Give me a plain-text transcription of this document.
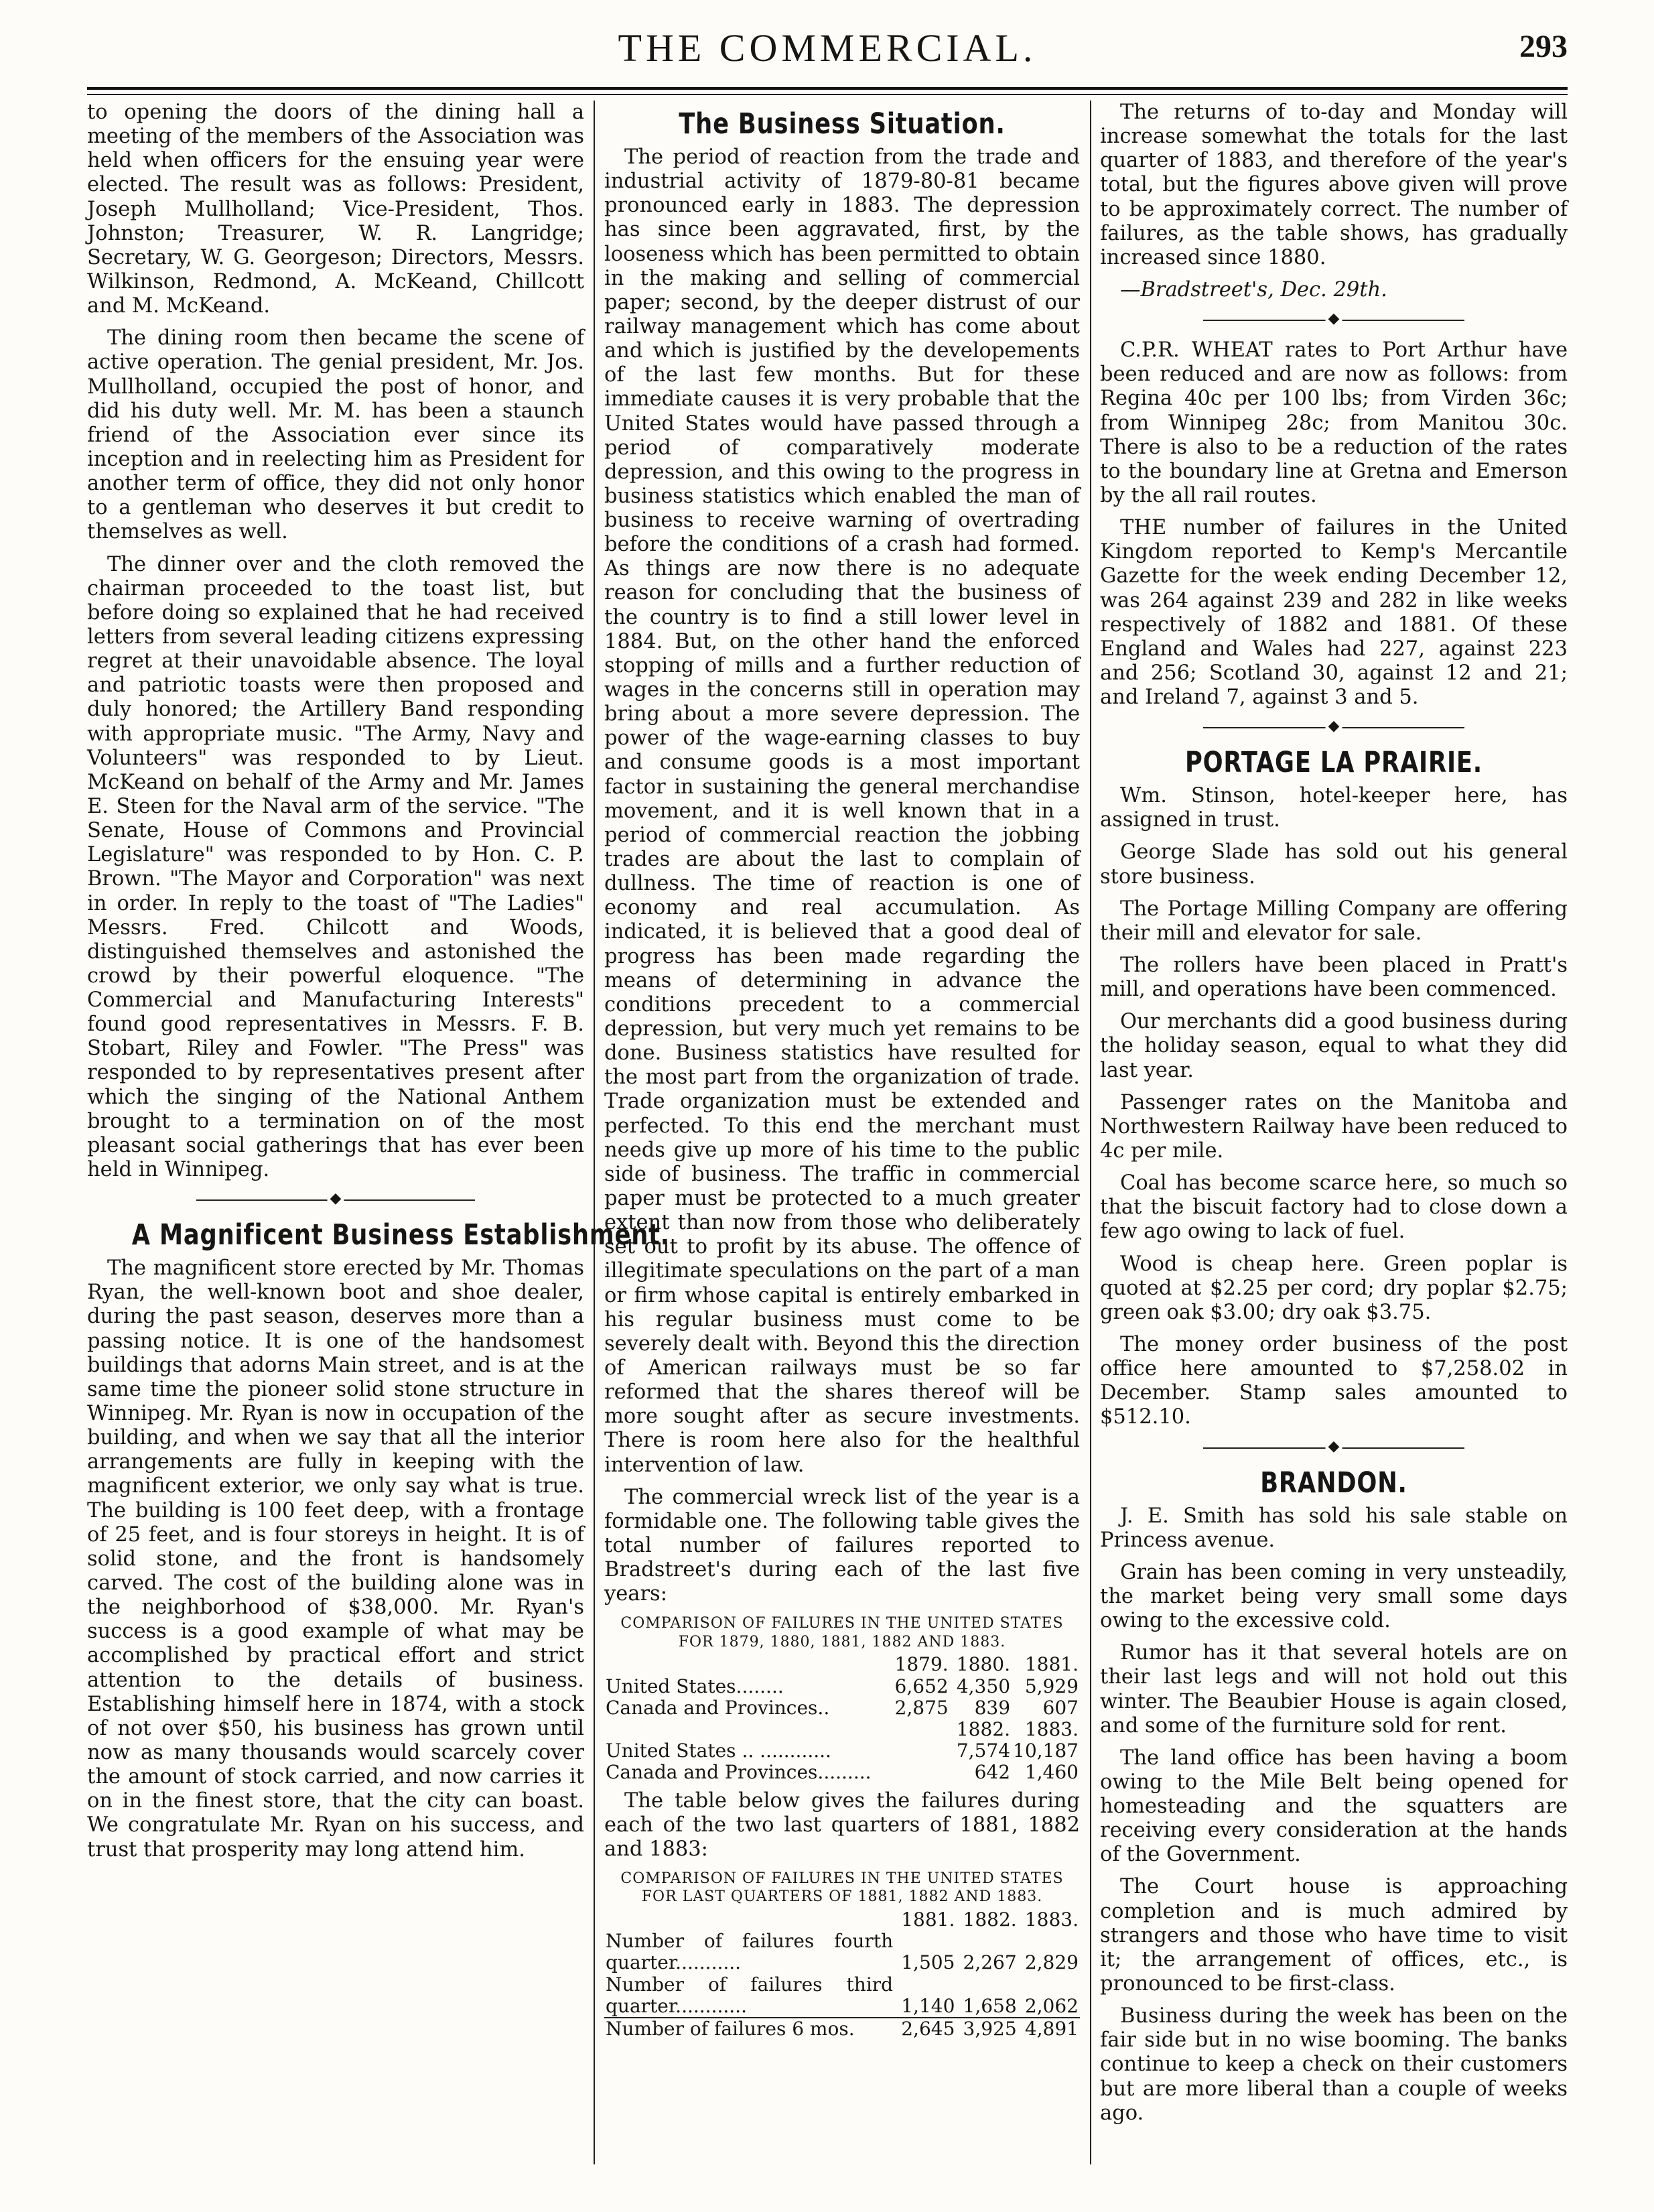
THE COMMERCIAL.	293

to opening the doors of the dining hall a meeting of the members of the Association was held when officers for the ensuing year were elected. The result was as follows: President, Joseph Mullholland; Vice-President, Thos. Johnston; Treasurer, W. R. Langridge; Secretary, W. G. Georgeson; Directors, Messrs. Wilkinson, Redmond, A. McKeand, Chillcott and M. McKeand.

The dining room then became the scene of active operation. The genial president, Mr. Jos. Mullholland, occupied the post of honor, and did his duty well. Mr. M. has been a staunch friend of the Association ever since its inception and in reelecting him as President for another term of office, they did not only honor to a gentleman who deserves it but credit to themselves as well.

The dinner over and the cloth removed the chairman proceeded to the toast list, but before doing so explained that he had received letters from several leading citizens expressing regret at their unavoidable absence. The loyal and patriotic toasts were then proposed and duly honored; the Artillery Band responding with appropriate music. "The Army, Navy and Volunteers" was responded to by Lieut. McKeand on behalf of the Army and Mr. James E. Steen for the Naval arm of the service. "The Senate, House of Commons and Provincial Legislature" was responded to by Hon. C. P. Brown. "The Mayor and Corporation" was next in order. In reply to the toast of "The Ladies" Messrs. Fred. Chilcott and Woods, distinguished themselves and astonished the crowd by their powerful eloquence. "The Commercial and Manufacturing Interests" found good representatives in Messrs. F. B. Stobart, Riley and Fowler. "The Press" was responded to by representatives present after which the singing of the National Anthem brought to a termination on of the most pleasant social gatherings that has ever been held in Winnipeg.

◆
A Magnificent Business Establishment.

The magnificent store erected by Mr. Thomas Ryan, the well-known boot and shoe dealer, during the past season, deserves more than a passing notice. It is one of the handsomest buildings that adorns Main street, and is at the same time the pioneer solid stone structure in Winnipeg. Mr. Ryan is now in occupation of the building, and when we say that all the interior arrangements are fully in keeping with the magnificent exterior, we only say what is true. The building is 100 feet deep, with a frontage of 25 feet, and is four storeys in height. It is of solid stone, and the front is handsomely carved. The cost of the building alone was in the neighborhood of $38,000. Mr. Ryan's success is a good example of what may be accomplished by practical effort and strict attention to the details of business. Establishing himself here in 1874, with a stock of not over $50, his business has grown until now as many thousands would scarcely cover the amount of stock carried, and now carries it on in the finest store, that the city can boast. We congratulate Mr. Ryan on his success, and trust that prosperity may long attend him.

The Business Situation.

The period of reaction from the trade and industrial activity of 1879-80-81 became pronounced early in 1883. The depression has since been aggravated, first, by the looseness which has been permitted to obtain in the making and selling of commercial paper; second, by the deeper distrust of our railway management which has come about and which is justified by the developements of the last few months. But for these immediate causes it is very probable that the United States would have passed through a period of comparatively moderate depression, and this owing to the progress in business statistics which enabled the man of business to receive warning of overtrading before the conditions of a crash had formed. As things are now there is no adequate reason for concluding that the business of the country is to find a still lower level in 1884. But, on the other hand the enforced stopping of mills and a further reduction of wages in the concerns still in operation may bring about a more severe depression. The power of the wage-earning classes to buy and consume goods is a most important factor in sustaining the general merchandise movement, and it is well known that in a period of commercial reaction the jobbing trades are about the last to complain of dullness. The time of reaction is one of economy and real accumulation. As indicated, it is believed that a good deal of progress has been made regarding the means of determining in advance the conditions precedent to a commercial depression, but very much yet remains to be done. Business statistics have resulted for the most part from the organization of trade. Trade organization must be extended and perfected. To this end the merchant must needs give up more of his time to the public side of business. The traffic in commercial paper must be protected to a much greater extent than now from those who deliberately set out to profit by its abuse. The offence of illegitimate speculations on the part of a man or firm whose capital is entirely embarked in his regular business must come to be severely dealt with. Beyond this the direction of American railways must be so far reformed that the shares thereof will be more sought after as secure investments. There is room here also for the healthful intervention of law.

The commercial wreck list of the year is a formidable one. The following table gives the total number of failures reported to Bradstreet's during each of the last five years:

COMPARISON OF FAILURES IN THE UNITED STATES
FOR 1879, 1880, 1881, 1882 AND 1883.
	1879.	1880.	1881.
United States........	6,652	4,350	5,929
Canada and Provinces..	2,875	839	607
		1882.	1883.
United States .. ............		7,574	10,187
Canada and Provinces.........		642	1,460

The table below gives the failures during each of the two last quarters of 1881, 1882 and 1883:

COMPARISON OF FAILURES IN THE UNITED STATES
FOR LAST QUARTERS OF 1881, 1882 AND 1883.
	1881.	1882.	1883.
Number of failures fourth quarter...........	1,505	2,267	2,829
Number of failures third quarter............	1,140	1,658	2,062
Number of failures 6 mos.	2,645	3,925	4,891

The returns of to-day and Monday will increase somewhat the totals for the last quarter of 1883, and therefore of the year's total, but the figures above given will prove to be approximately correct. The number of failures, as the table shows, has gradually increased since 1880.

—Bradstreet's, Dec. 29th.

◆

C.P.R. WHEAT rates to Port Arthur have been reduced and are now as follows: from Regina 40c per 100 lbs; from Virden 36c; from Winnipeg 28c; from Manitou 30c. There is also to be a reduction of the rates to the boundary line at Gretna and Emerson by the all rail routes.

THE number of failures in the United Kingdom reported to Kemp's Mercantile Gazette for the week ending December 12, was 264 against 239 and 282 in like weeks respectively of 1882 and 1881. Of these England and Wales had 227, against 223 and 256; Scotland 30, against 12 and 21; and Ireland 7, against 3 and 5.

◆
PORTAGE LA PRAIRIE.

Wm. Stinson, hotel-keeper here, has assigned in trust.

George Slade has sold out his general store business.

The Portage Milling Company are offering their mill and elevator for sale.

The rollers have been placed in Pratt's mill, and operations have been commenced.

Our merchants did a good business during the holiday season, equal to what they did last year.

Passenger rates on the Manitoba and Northwestern Railway have been reduced to 4c per mile.

Coal has become scarce here, so much so that the biscuit factory had to close down a few ago owing to lack of fuel.

Wood is cheap here. Green poplar is quoted at $2.25 per cord; dry poplar $2.75; green oak $3.00; dry oak $3.75.

The money order business of the post office here amounted to $7,258.02 in December. Stamp sales amounted to $512.10.

◆
BRANDON.

J. E. Smith has sold his sale stable on Princess avenue.

Grain has been coming in very unsteadily, the market being very small some days owing to the excessive cold.

Rumor has it that several hotels are on their last legs and will not hold out this winter. The Beaubier House is again closed, and some of the furniture sold for rent.

The land office has been having a boom owing to the Mile Belt being opened for homesteading and the squatters are receiving every consideration at the hands of the Government.

The Court house is approaching completion and is much admired by strangers and those who have time to visit it; the arrangement of offices, etc., is pronounced to be first-class.

Business during the week has been on the fair side but in no wise booming. The banks continue to keep a check on their customers but are more liberal than a couple of weeks ago.
